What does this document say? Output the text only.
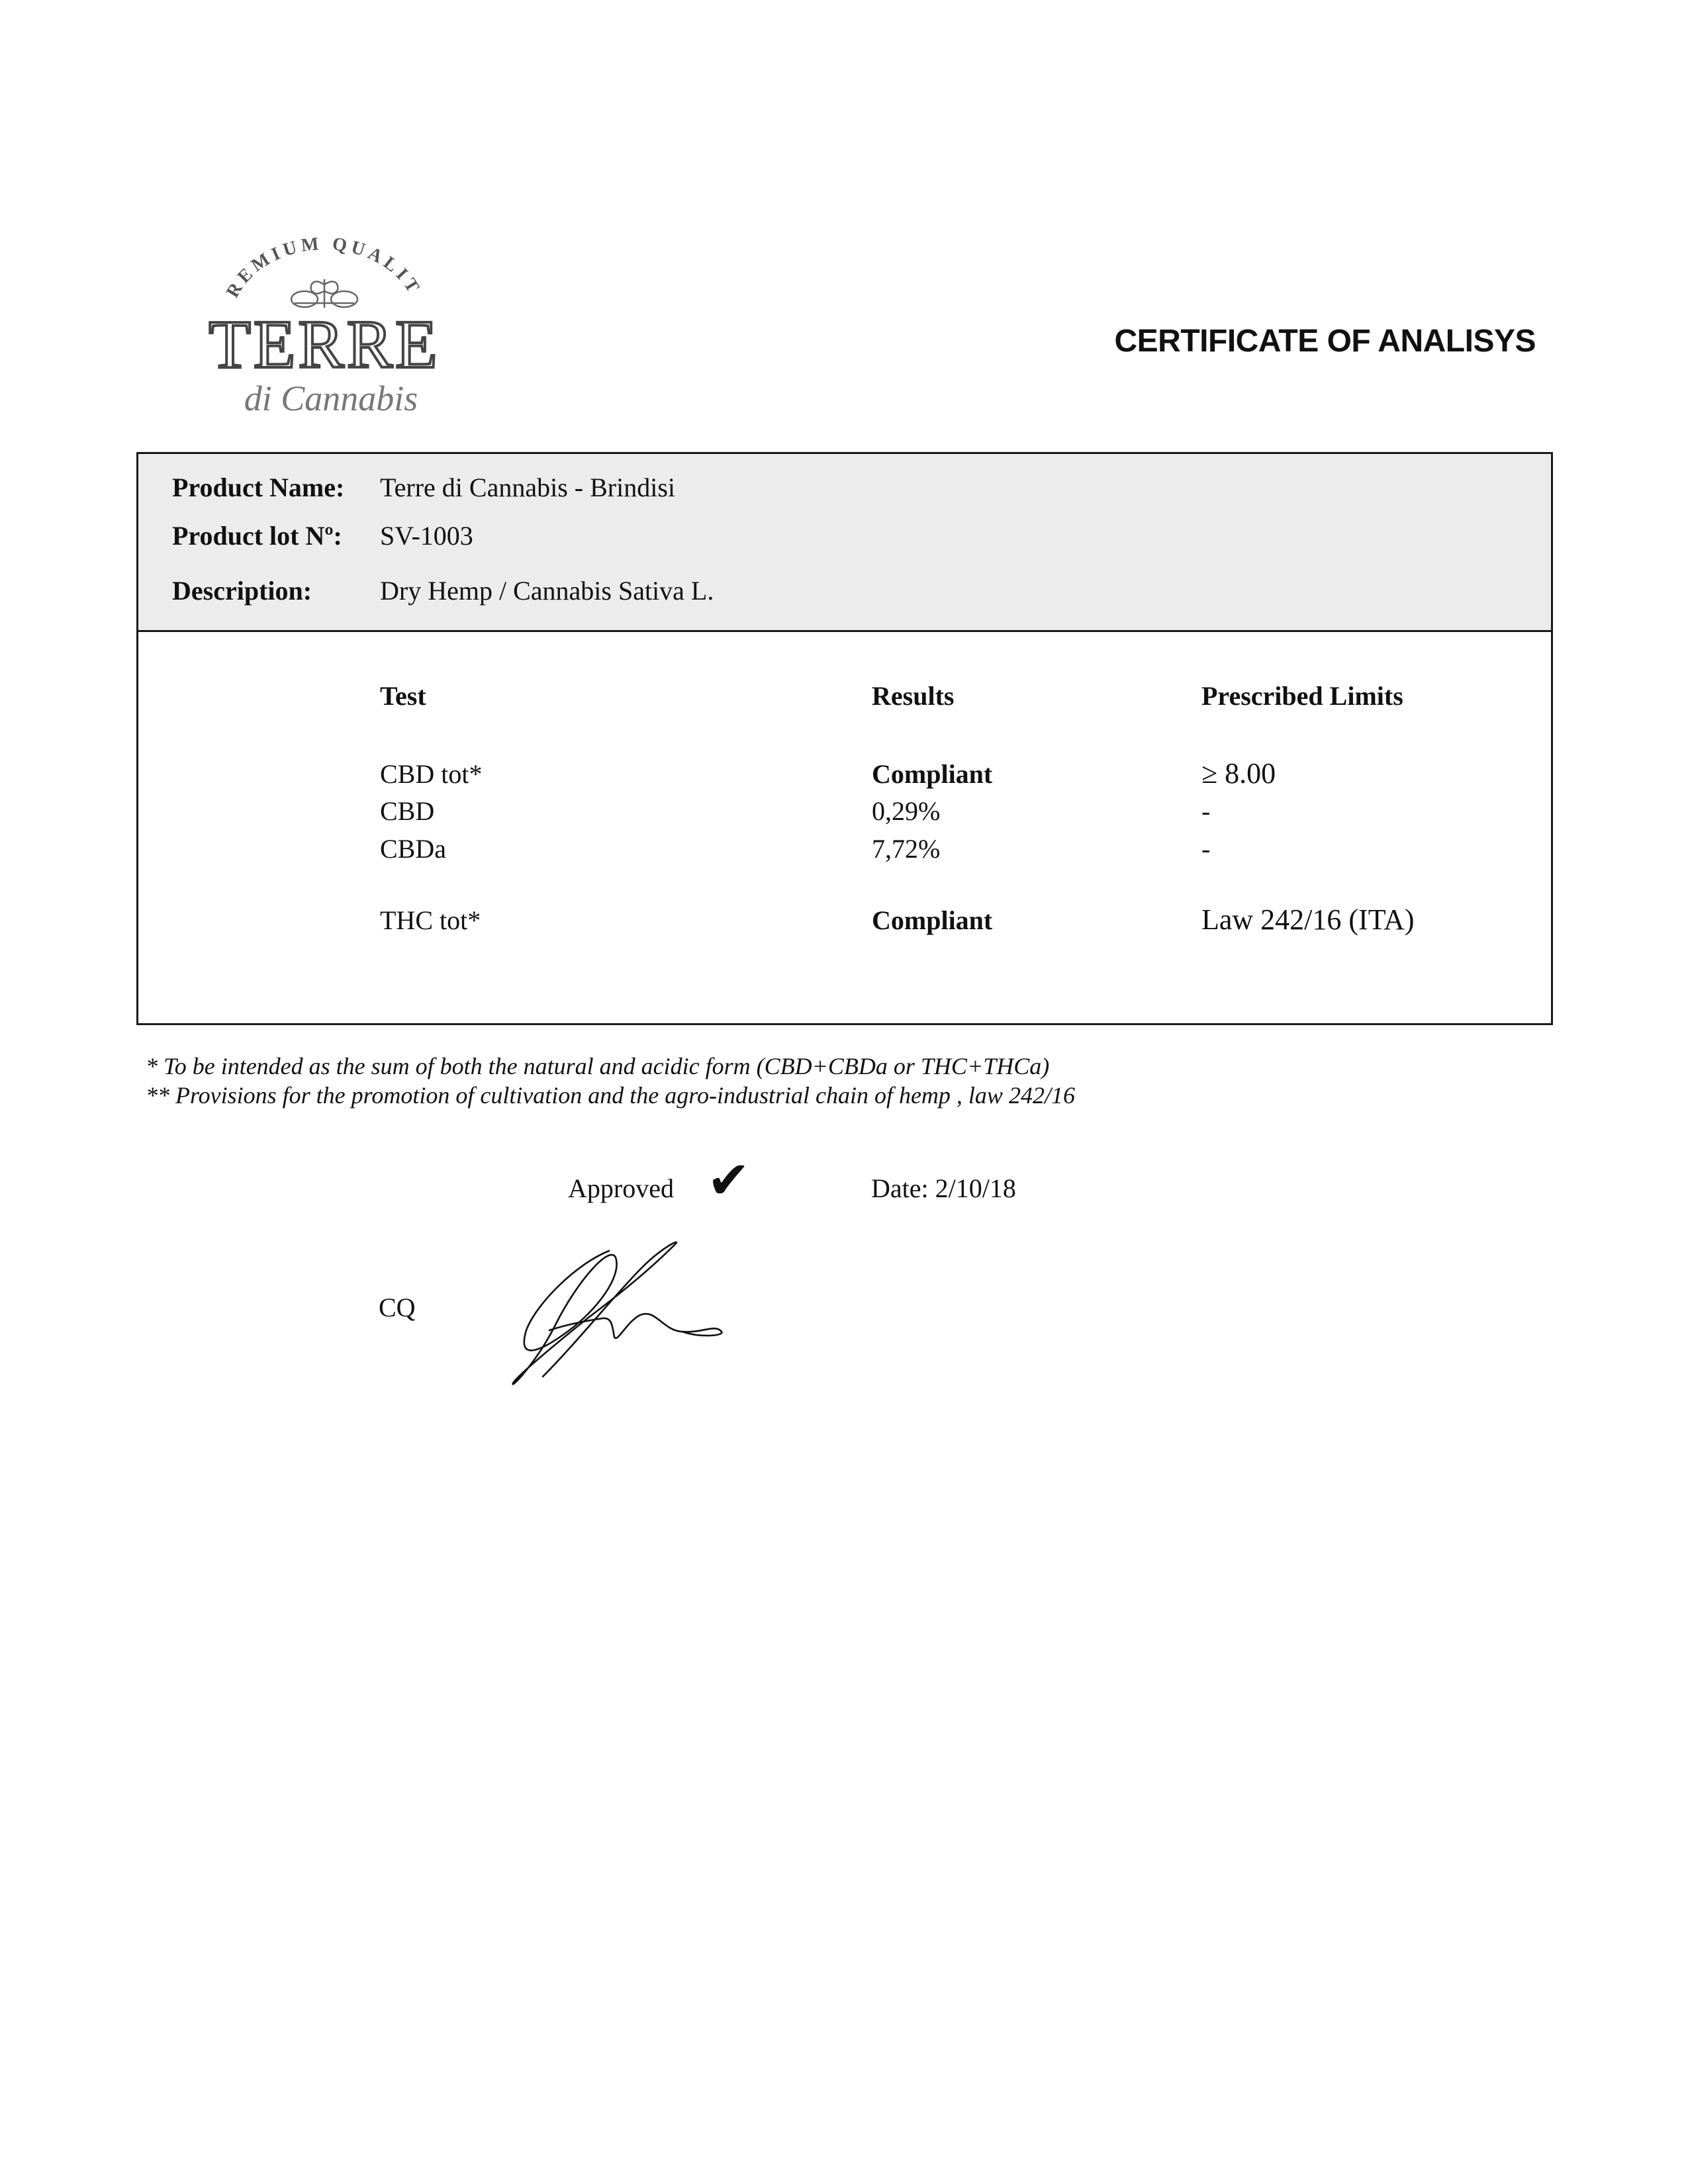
REMIUM QUALIT
TERRE
di Cannabis
CERTIFICATE OF ANALISYS
Product Name: Terre di Cannabis - Brindisi
Product lot Nº: SV-1003
Description:	Dry Hemp / Cannabis Sativa L.
Test	Results	Prescribed Limits
CBD tot*	Compliant	≥ 8.00
CBD	0,29%	-
CBDa	7,72%	-
THC tot*	Compliant	Law 242/16 (ITA)
* To be intended as the sum of both the natural and acidic form (CBD+CBDa or THC+THCa)
** Provisions for the promotion of cultivation and the agro-industrial chain of hemp , law 242/16
Approved ✔	Date: 2/10/18
CQ
